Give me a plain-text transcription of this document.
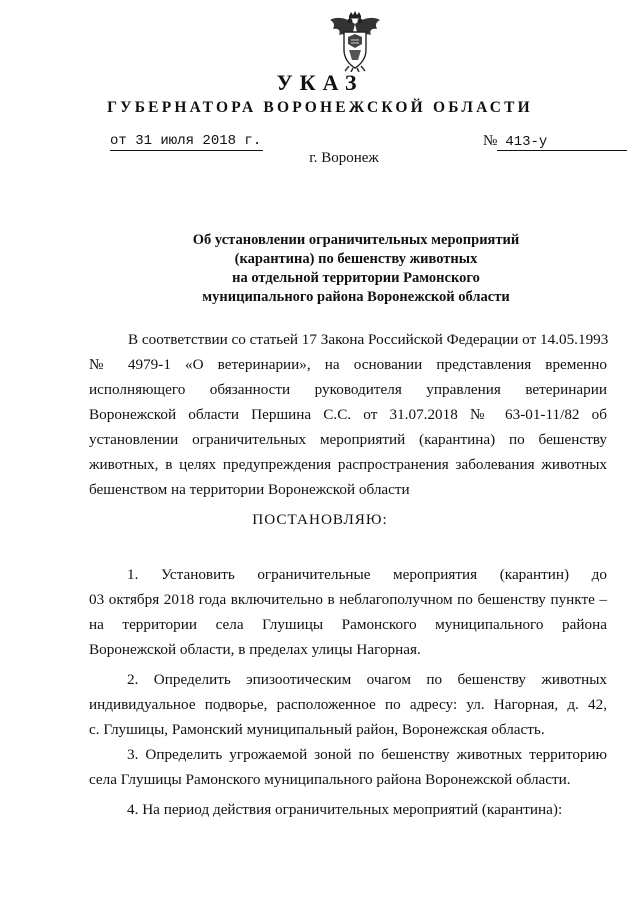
УКАЗ
ГУБЕРНАТОРА ВОРОНЕЖСКОЙ ОБЛАСТИ
от 31 июля 2018 г.	№ 413-у
г. Воронеж
Об установлении ограничительных мероприятий
(карантина) по бешенству животных
на отдельной территории Рамонского
муниципального района Воронежской области
В соответствии со статьей 17 Закона Российской Федерации от 14.05.1993
№ 4979-1 «О ветеринарии», на основании представления временно
исполняющего обязанности руководителя управления ветеринарии
Воронежской области Першина С.С. от 31.07.2018 № 63-01-11/82 об
установлении ограничительных мероприятий (карантина) по бешенству
животных, в целях предупреждения распространения заболевания животных
бешенством на территории Воронежской области
ПОСТАНОВЛЯЮ:
1. Установить ограничительные мероприятия (карантин) до
03 октября 2018 года включительно в неблагополучном по бешенству пункте –
на территории села Глушицы Рамонского муниципального района
Воронежской области, в пределах улицы Нагорная.
2. Определить эпизоотическим очагом по бешенству животных
индивидуальное подворье, расположенное по адресу: ул. Нагорная, д. 42,
с. Глушицы, Рамонский муниципальный район, Воронежская область.
3. Определить угрожаемой зоной по бешенству животных территорию
села Глушицы Рамонского муниципального района Воронежской области.
4. На период действия ограничительных мероприятий (карантина):
